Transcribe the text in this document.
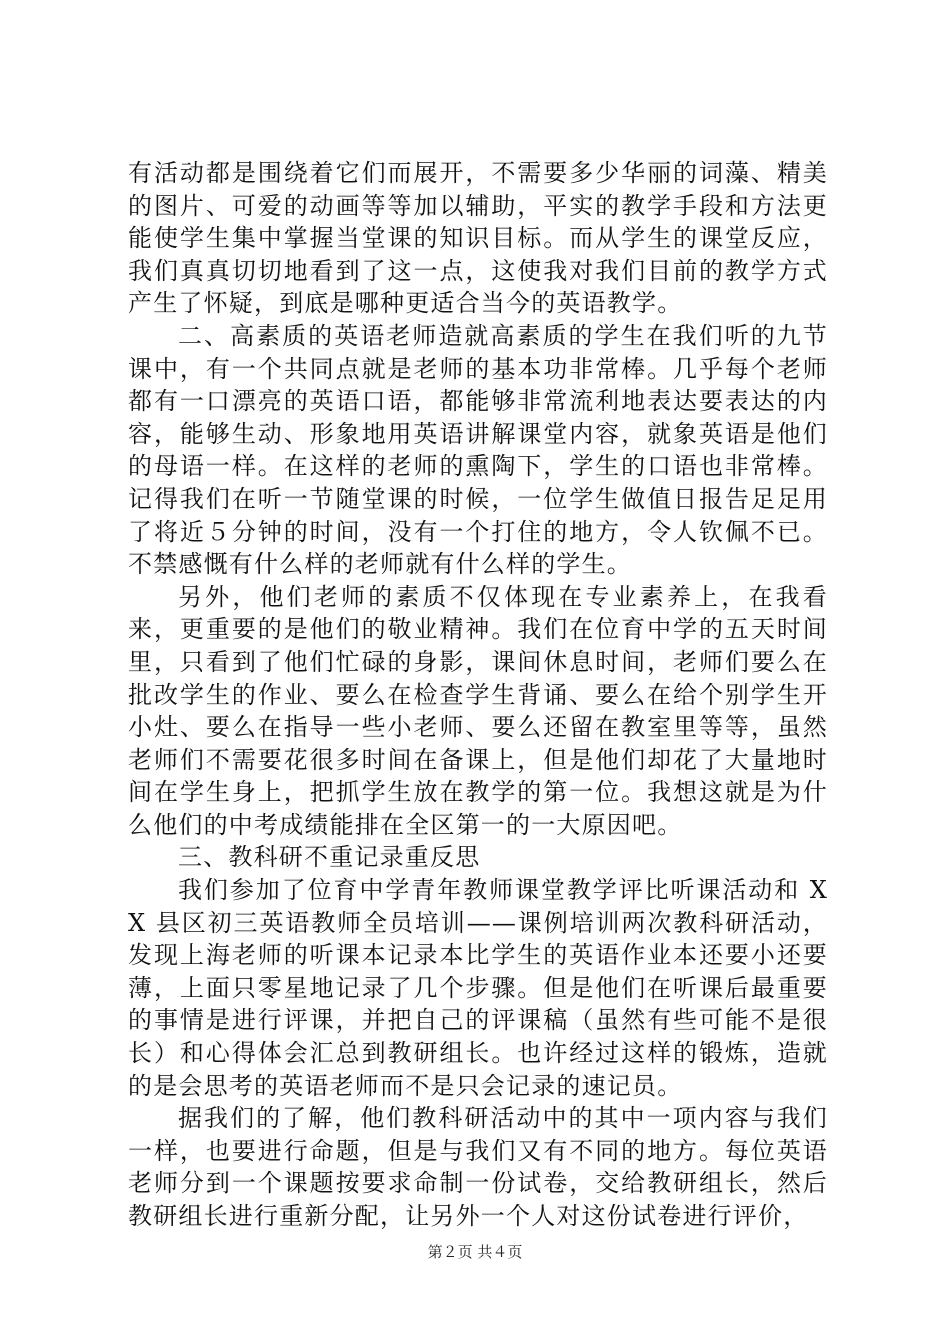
有活动都是围绕着它们而展开，不需要多少华丽的词藻、精美的图片、可爱的动画等等加以辅助，平实的教学手段和方法更能使学生集中掌握当堂课的知识目标。而从学生的课堂反应，我们真真切切地看到了这一点，这使我对我们目前的教学方式产生了怀疑，到底是哪种更适合当今的英语教学。

二、高素质的英语老师造就高素质的学生在我们听的九节课中，有一个共同点就是老师的基本功非常棒。几乎每个老师都有一口漂亮的英语口语，都能够非常流利地表达要表达的内容，能够生动、形象地用英语讲解课堂内容，就象英语是他们的母语一样。在这样的老师的熏陶下，学生的口语也非常棒。记得我们在听一节随堂课的时候，一位学生做值日报告足足用了将近５分钟的时间，没有一个打住的地方，令人钦佩不已。不禁感慨有什么样的老师就有什么样的学生。

另外，他们老师的素质不仅体现在专业素养上，在我看来，更重要的是他们的敬业精神。我们在位育中学的五天时间里，只看到了他们忙碌的身影，课间休息时间，老师们要么在批改学生的作业、要么在检查学生背诵、要么在给个别学生开小灶、要么在指导一些小老师、要么还留在教室里等等，虽然老师们不需要花很多时间在备课上，但是他们却花了大量地时间在学生身上，把抓学生放在教学的第一位。我想这就是为什么他们的中考成绩能排在全区第一的一大原因吧。

三、教科研不重记录重反思

我们参加了位育中学青年教师课堂教学评比听课活动和 XX 县区初三英语教师全员培训——课例培训两次教科研活动，发现上海老师的听课本记录本比学生的英语作业本还要小还要薄，上面只零星地记录了几个步骤。但是他们在听课后最重要的事情是进行评课，并把自己的评课稿（虽然有些可能不是很长）和心得体会汇总到教研组长。也许经过这样的锻炼，造就的是会思考的英语老师而不是只会记录的速记员。

据我们的了解，他们教科研活动中的其中一项内容与我们一样，也要进行命题，但是与我们又有不同的地方。每位英语老师分到一个课题按要求命制一份试卷，交给教研组长，然后教研组长进行重新分配，让另外一个人对这份试卷进行评价，

第２页 共４页
